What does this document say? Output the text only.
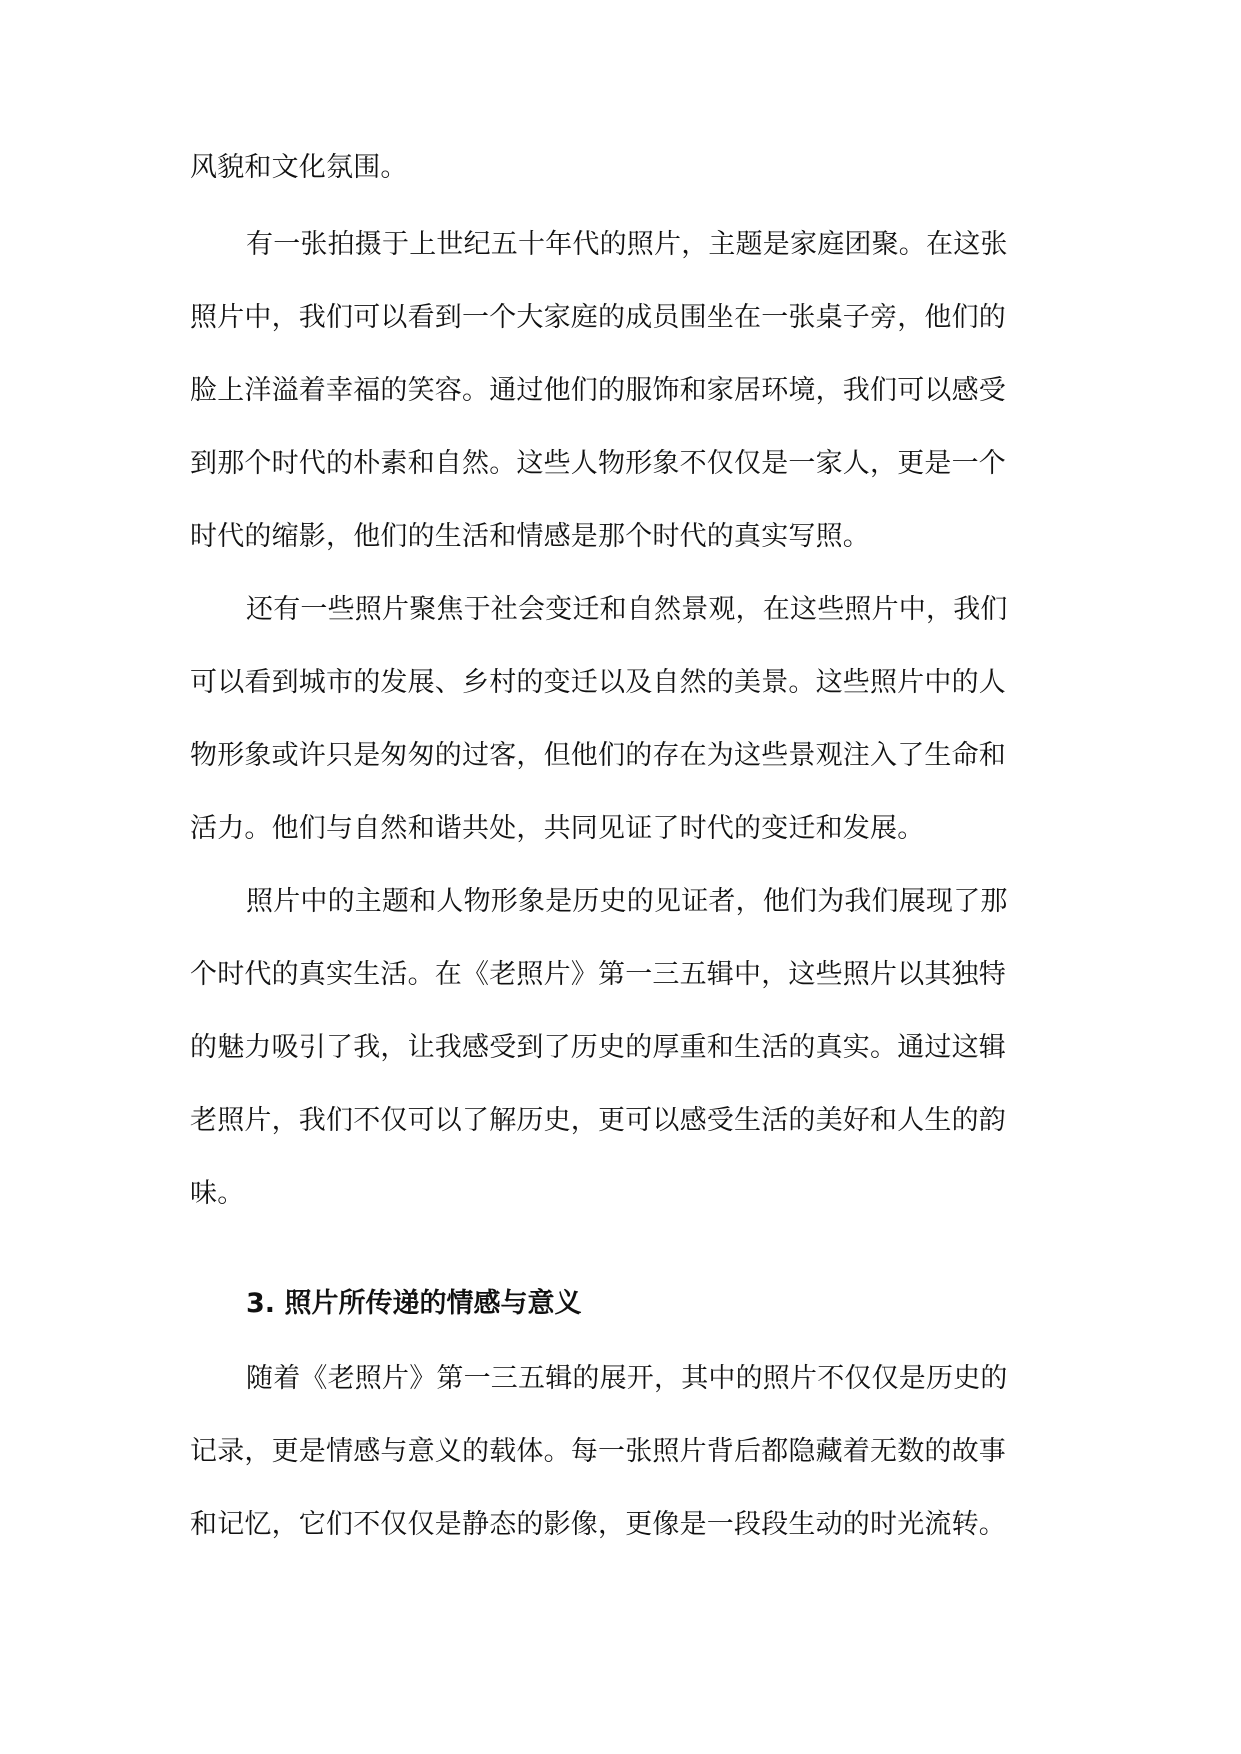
风貌和文化氛围。
有一张拍摄于上世纪五十年代的照片，主题是家庭团聚。在这张
照片中，我们可以看到一个大家庭的成员围坐在一张桌子旁，他们的
脸上洋溢着幸福的笑容。通过他们的服饰和家居环境，我们可以感受
到那个时代的朴素和自然。这些人物形象不仅仅是一家人，更是一个
时代的缩影，他们的生活和情感是那个时代的真实写照。
还有一些照片聚焦于社会变迁和自然景观，在这些照片中，我们
可以看到城市的发展、乡村的变迁以及自然的美景。这些照片中的人
物形象或许只是匆匆的过客，但他们的存在为这些景观注入了生命和
活力。他们与自然和谐共处，共同见证了时代的变迁和发展。
照片中的主题和人物形象是历史的见证者，他们为我们展现了那
个时代的真实生活。在《老照片》第一三五辑中，这些照片以其独特
的魅力吸引了我，让我感受到了历史的厚重和生活的真实。通过这辑
老照片，我们不仅可以了解历史，更可以感受生活的美好和人生的韵
味。
3. 照片所传递的情感与意义
随着《老照片》第一三五辑的展开，其中的照片不仅仅是历史的
记录，更是情感与意义的载体。每一张照片背后都隐藏着无数的故事
和记忆，它们不仅仅是静态的影像，更像是一段段生动的时光流转。
